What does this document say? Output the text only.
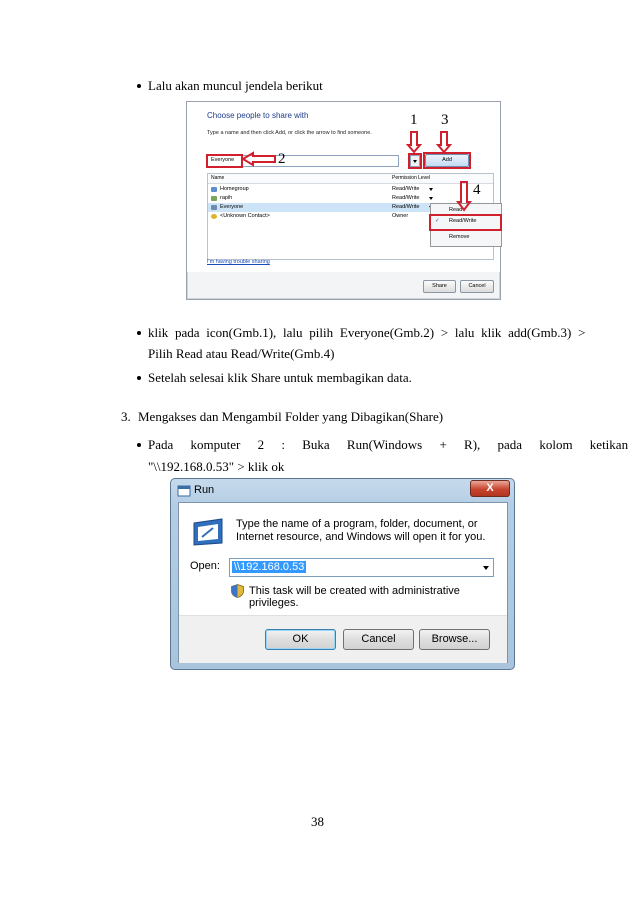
Lalu akan muncul jendela berikut
Choose people to share with
Type a name and then click Add, or click the arrow to find someone.
Everyone	Add
Name	Permission Level
Homegroup	Read/Write
rapih	Read/Write
Everyone	Read/Write
<Unknown Contact>	Owner
Read
✓ Read/Write
Remove
I'm having trouble sharing
Share	Cancel
1
2
3
4
klik pada icon(Gmb.1), lalu pilih Everyone(Gmb.2) > lalu klik add(Gmb.3) >
Pilih Read atau Read/Write(Gmb.4)
Setelah selesai klik Share untuk membagikan data.
3. Mengakses dan Mengambil Folder yang Dibagikan(Share)
Pada komputer 2 : Buka Run(Windows + R), pada kolom ketikan
"\\192.168.0.53" > klik ok
Run	X
Type the name of a program, folder, document, or Internet resource, and Windows will open it for you.
Open: \\192.168.0.53
This task will be created with administrative privileges.
OK	Cancel	Browse...
38
